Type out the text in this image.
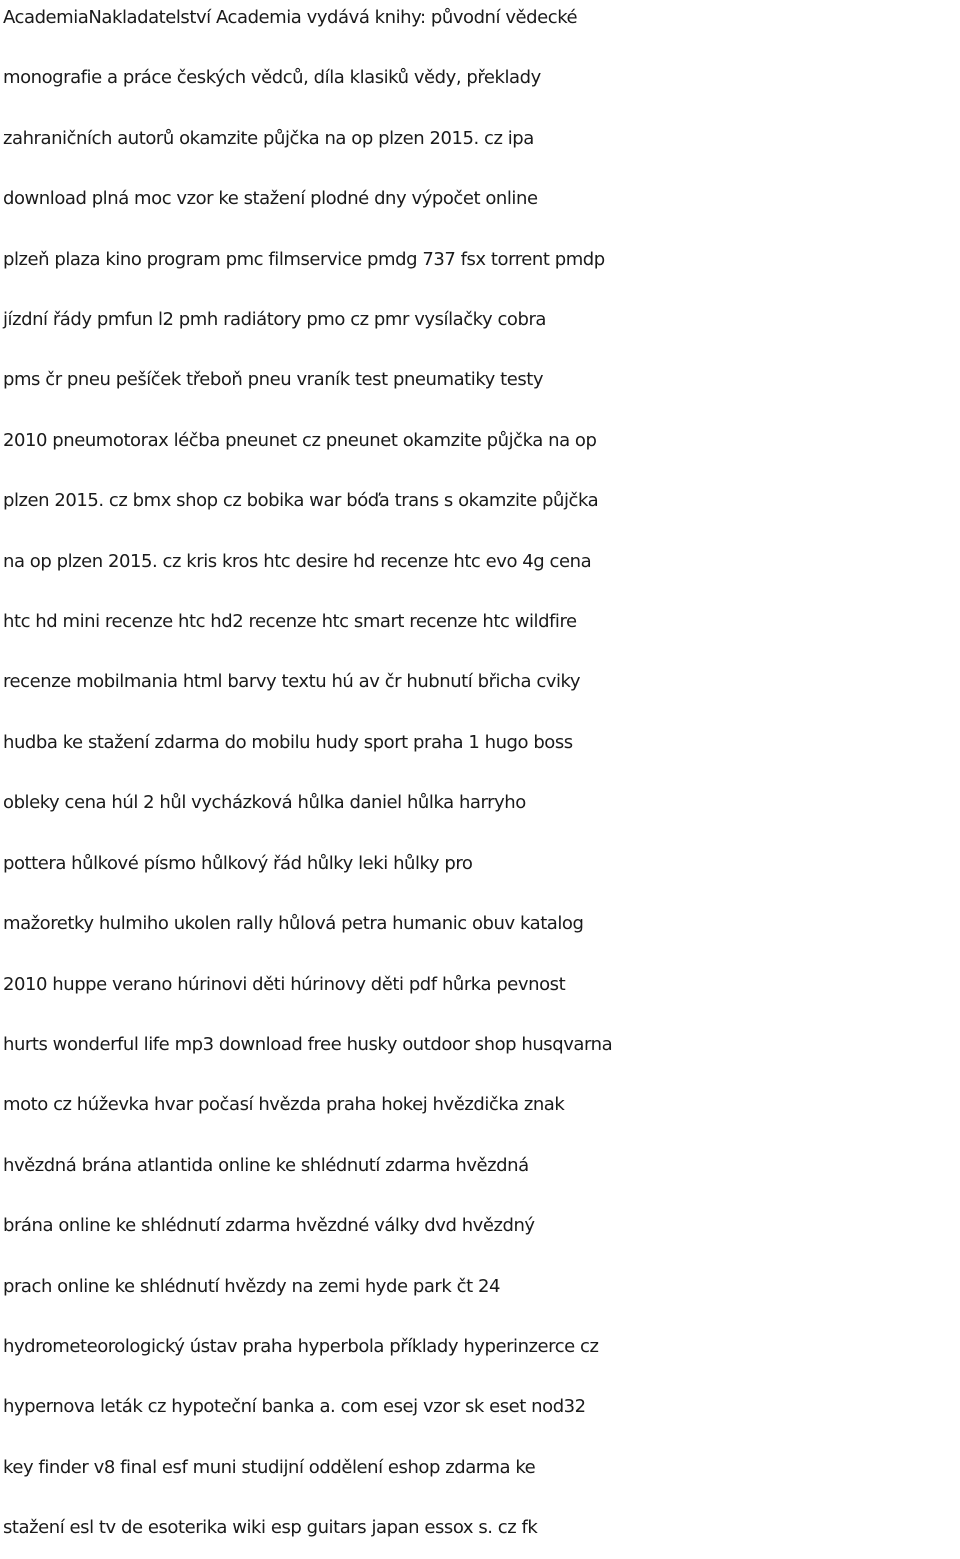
AcademiaNakladatelství Academia vydává knihy: původní vědecké

monografie a práce českých vědců, díla klasiků vědy, překlady

zahraničních autorů okamzite půjčka na op plzen 2015. cz ipa

download plná moc vzor ke stažení plodné dny výpočet online

plzeň plaza kino program pmc filmservice pmdg 737 fsx torrent pmdp

jízdní řády pmfun l2 pmh radiátory pmo cz pmr vysílačky cobra

pms čr pneu pešíček třeboň pneu vraník test pneumatiky testy

2010 pneumotorax léčba pneunet cz pneunet okamzite půjčka na op

plzen 2015. cz bmx shop cz bobika war bóďa trans s okamzite půjčka

na op plzen 2015. cz kris kros htc desire hd recenze htc evo 4g cena

htc hd mini recenze htc hd2 recenze htc smart recenze htc wildfire

recenze mobilmania html barvy textu hú av čr hubnutí břicha cviky

hudba ke stažení zdarma do mobilu hudy sport praha 1 hugo boss

obleky cena húl 2 hůl vycházková hůlka daniel hůlka harryho

pottera hůlkové písmo hůlkový řád hůlky leki hůlky pro

mažoretky hulmiho ukolen rally hůlová petra humanic obuv katalog

2010 huppe verano húrinovi děti húrinovy děti pdf hůrka pevnost

hurts wonderful life mp3 download free husky outdoor shop husqvarna

moto cz húževka hvar počasí hvězda praha hokej hvězdička znak

hvězdná brána atlantida online ke shlédnutí zdarma hvězdná

brána online ke shlédnutí zdarma hvězdné války dvd hvězdný

prach online ke shlédnutí hvězdy na zemi hyde park čt 24

hydrometeorologický ústav praha hyperbola příklady hyperinzerce cz

hypernova leták cz hypoteční banka a. com esej vzor sk eset nod32

key finder v8 final esf muni studijní oddělení eshop zdarma ke

stažení esl tv de esoterika wiki esp guitars japan essox s. cz fk
